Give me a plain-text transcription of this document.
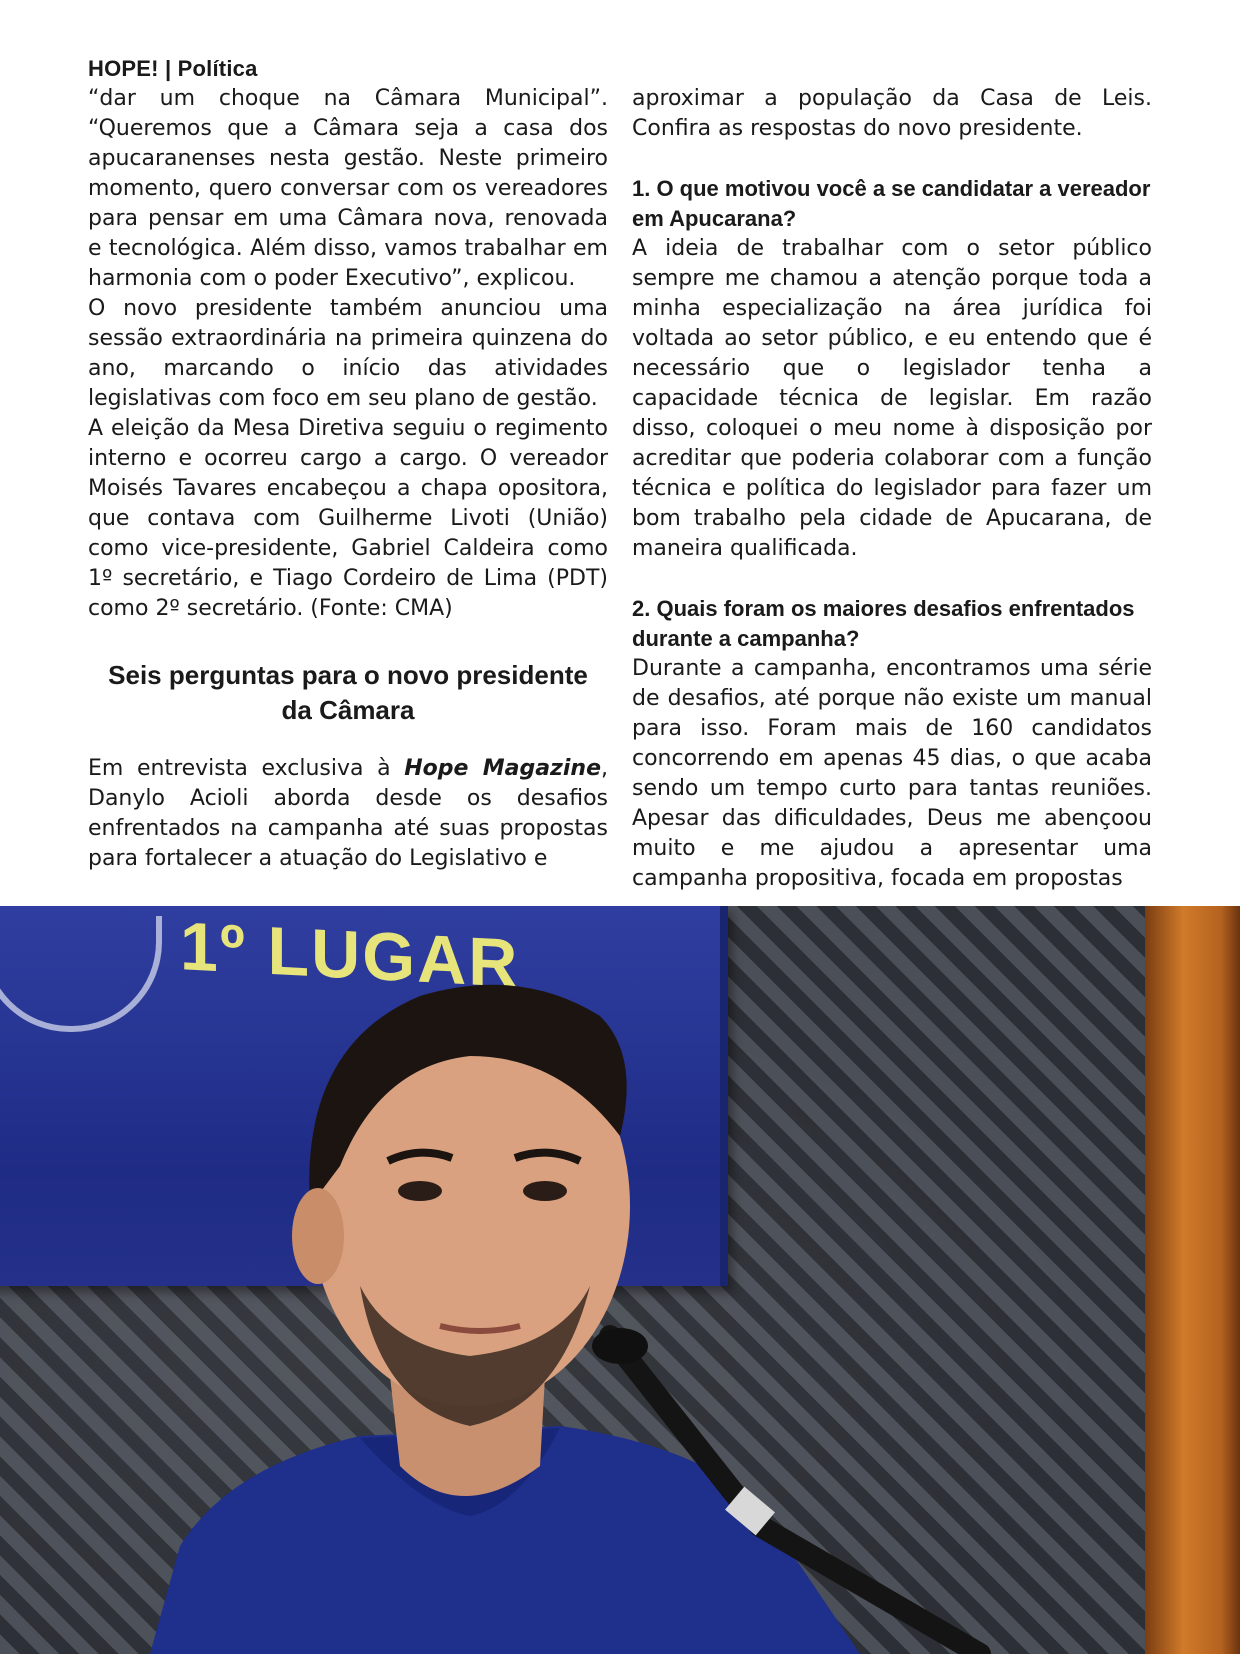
HOPE! | Política

“dar um choque na Câmara Municipal”. “Queremos que a Câmara seja a casa dos apucaranenses nesta gestão. Neste primeiro momento, quero conversar com os vereadores para pensar em uma Câmara nova, renovada e tecnológica. Além disso, vamos trabalhar em harmonia com o poder Executivo”, explicou.

O novo presidente também anunciou uma sessão extraordinária na primeira quinzena do ano, marcando o início das atividades legislativas com foco em seu plano de gestão.

A eleição da Mesa Diretiva seguiu o regimento interno e ocorreu cargo a cargo. O vereador Moisés Tavares encabeçou a chapa opositora, que contava com Guilherme Livoti (União) como vice-presidente, Gabriel Caldeira como 1º secretário, e Tiago Cordeiro de Lima (PDT) como 2º secretário. (Fonte: CMA)

Seis perguntas para o novo presidente da Câmara

Em entrevista exclusiva à Hope Magazine, Danylo Acioli aborda desde os desafios enfrentados na campanha até suas propostas para fortalecer a atuação do Legislativo e

aproximar a população da Casa de Leis. Confira as respostas do novo presidente.

1. O que motivou você a se candidatar a vereador em Apucarana?

A ideia de trabalhar com o setor público sempre me chamou a atenção porque toda a minha especialização na área jurídica foi voltada ao setor público, e eu entendo que é necessário que o legislador tenha a capacidade técnica de legislar. Em razão disso, coloquei o meu nome à disposição por acreditar que poderia colaborar com a função técnica e política do legislador para fazer um bom trabalho pela cidade de Apucarana, de maneira qualificada.

2. Quais foram os maiores desafios enfrentados durante a campanha?

Durante a campanha, encontramos uma série de desafios, até porque não existe um manual para isso. Foram mais de 160 candidatos concorrendo em apenas 45 dias, o que acaba sendo um tempo curto para tantas reuniões. Apesar das dificuldades, Deus me abençoou muito e me ajudou a apresentar uma campanha propositiva, focada em propostas

1º LUGAR
